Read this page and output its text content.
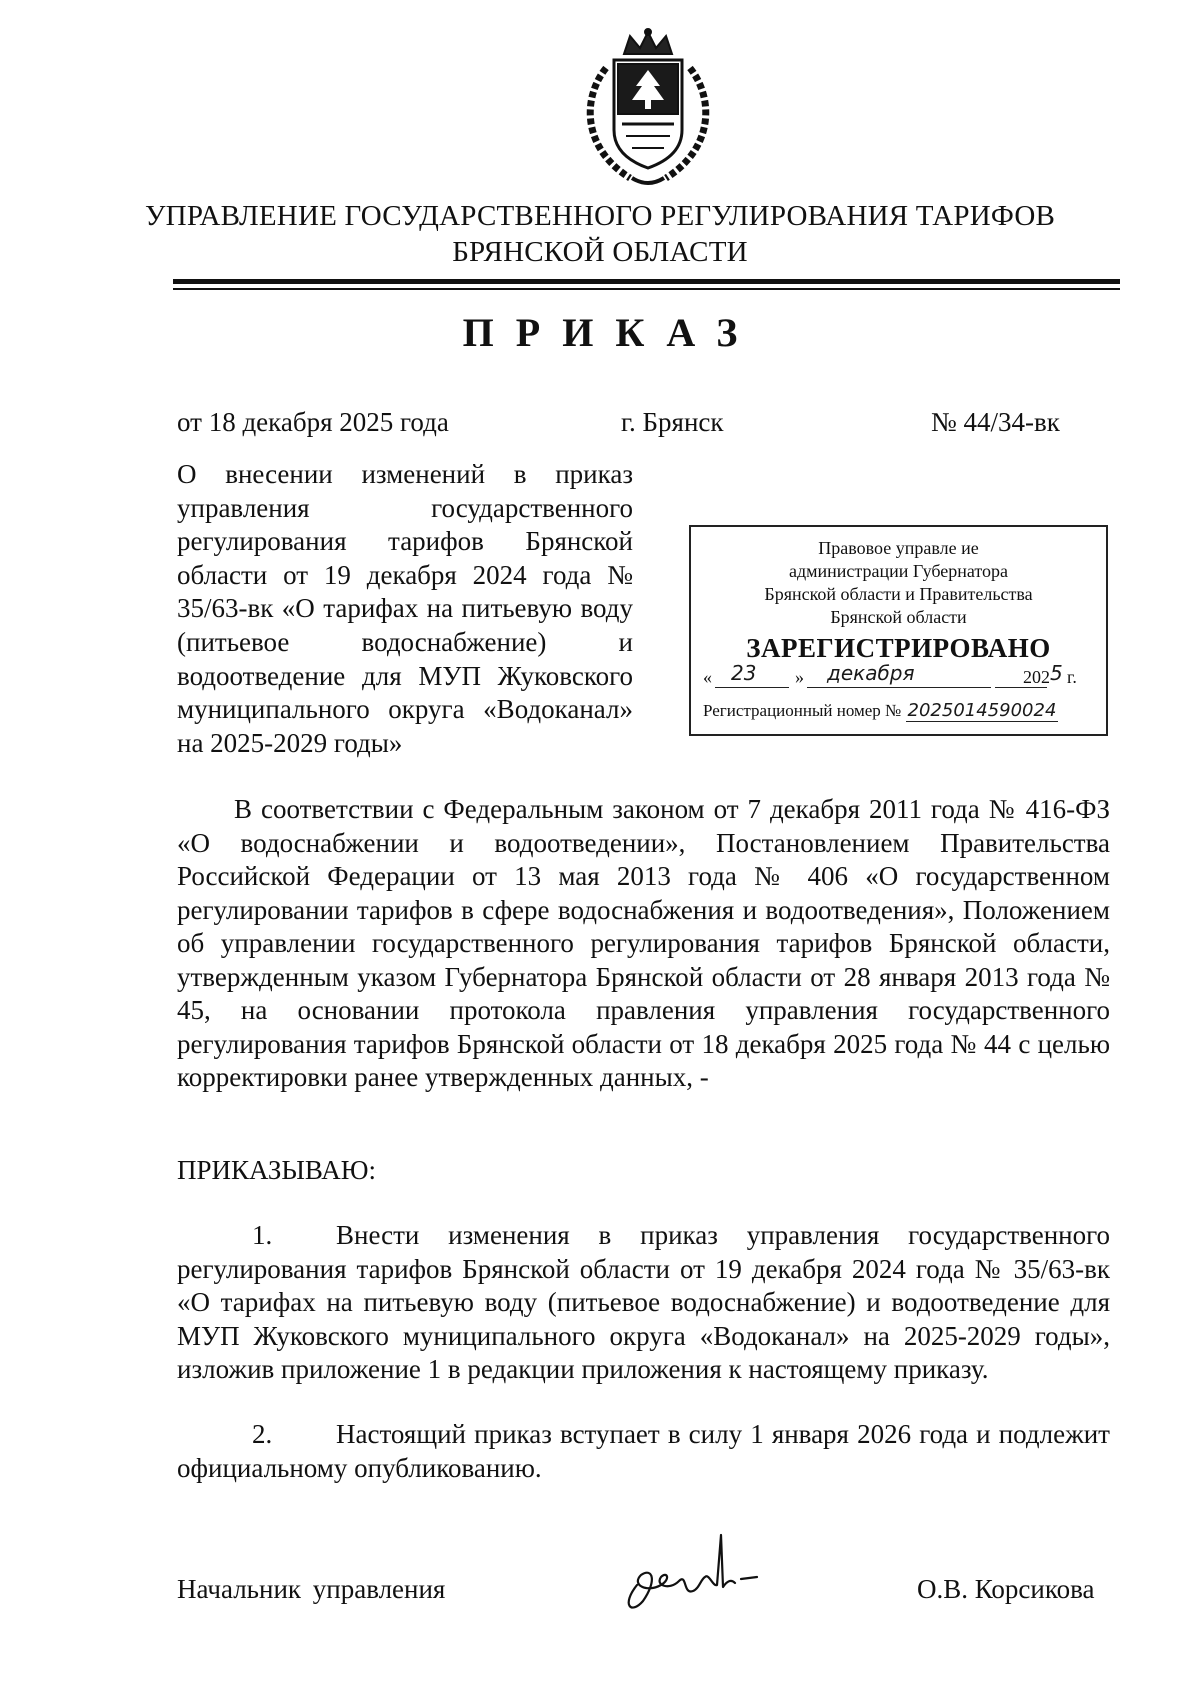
УПРАВЛЕНИЕ ГОСУДАРСТВЕННОГО РЕГУЛИРОВАНИЯ ТАРИФОВ
БРЯНСКОЙ ОБЛАСТИ
ПРИКАЗ
от 18 декабря 2025 года	г. Брянск	№ 44/34-вк
О внесении изменений в приказ управления государственного регулирования тарифов Брянской области от 19 декабря 2024 года № 35/63-вк «О тарифах на питьевую воду (питьевое водоснабжение) и водоотведение для МУП Жуковского муниципального округа «Водоканал» на 2025-2029 годы»
Правовое управле ие
администрации Губернатора
Брянской области и Правительства
Брянской области
ЗАРЕГИСТРИРОВАНО
« 23 » декабря	202 5 г.
Регистрационный номер № 2025014590024
В соответствии с Федеральным законом от 7 декабря 2011 года № 416-ФЗ «О водоснабжении и водоотведении», Постановлением Правительства Российской Федерации от 13 мая 2013 года № 406 «О государственном регулировании тарифов в сфере водоснабжения и водоотведения», Положением об управлении государственного регулирования тарифов Брянской области, утвержденным указом Губернатора Брянской области от 28 января 2013 года № 45, на основании протокола правления управления государственного регулирования тарифов Брянской области от 18 декабря 2025 года № 44 с целью корректировки ранее утвержденных данных, -
ПРИКАЗЫВАЮ:
1. Внести изменения в приказ управления государственного регулирования тарифов Брянской области от 19 декабря 2024 года № 35/63-вк «О тарифах на питьевую воду (питьевое водоснабжение) и водоотведение для МУП Жуковского муниципального округа «Водоканал» на 2025-2029 годы», изложив приложение 1 в редакции приложения к настоящему приказу.
2. Настоящий приказ вступает в силу 1 января 2026 года и подлежит официальному опубликованию.
Начальник управления	О.В. Корсикова
